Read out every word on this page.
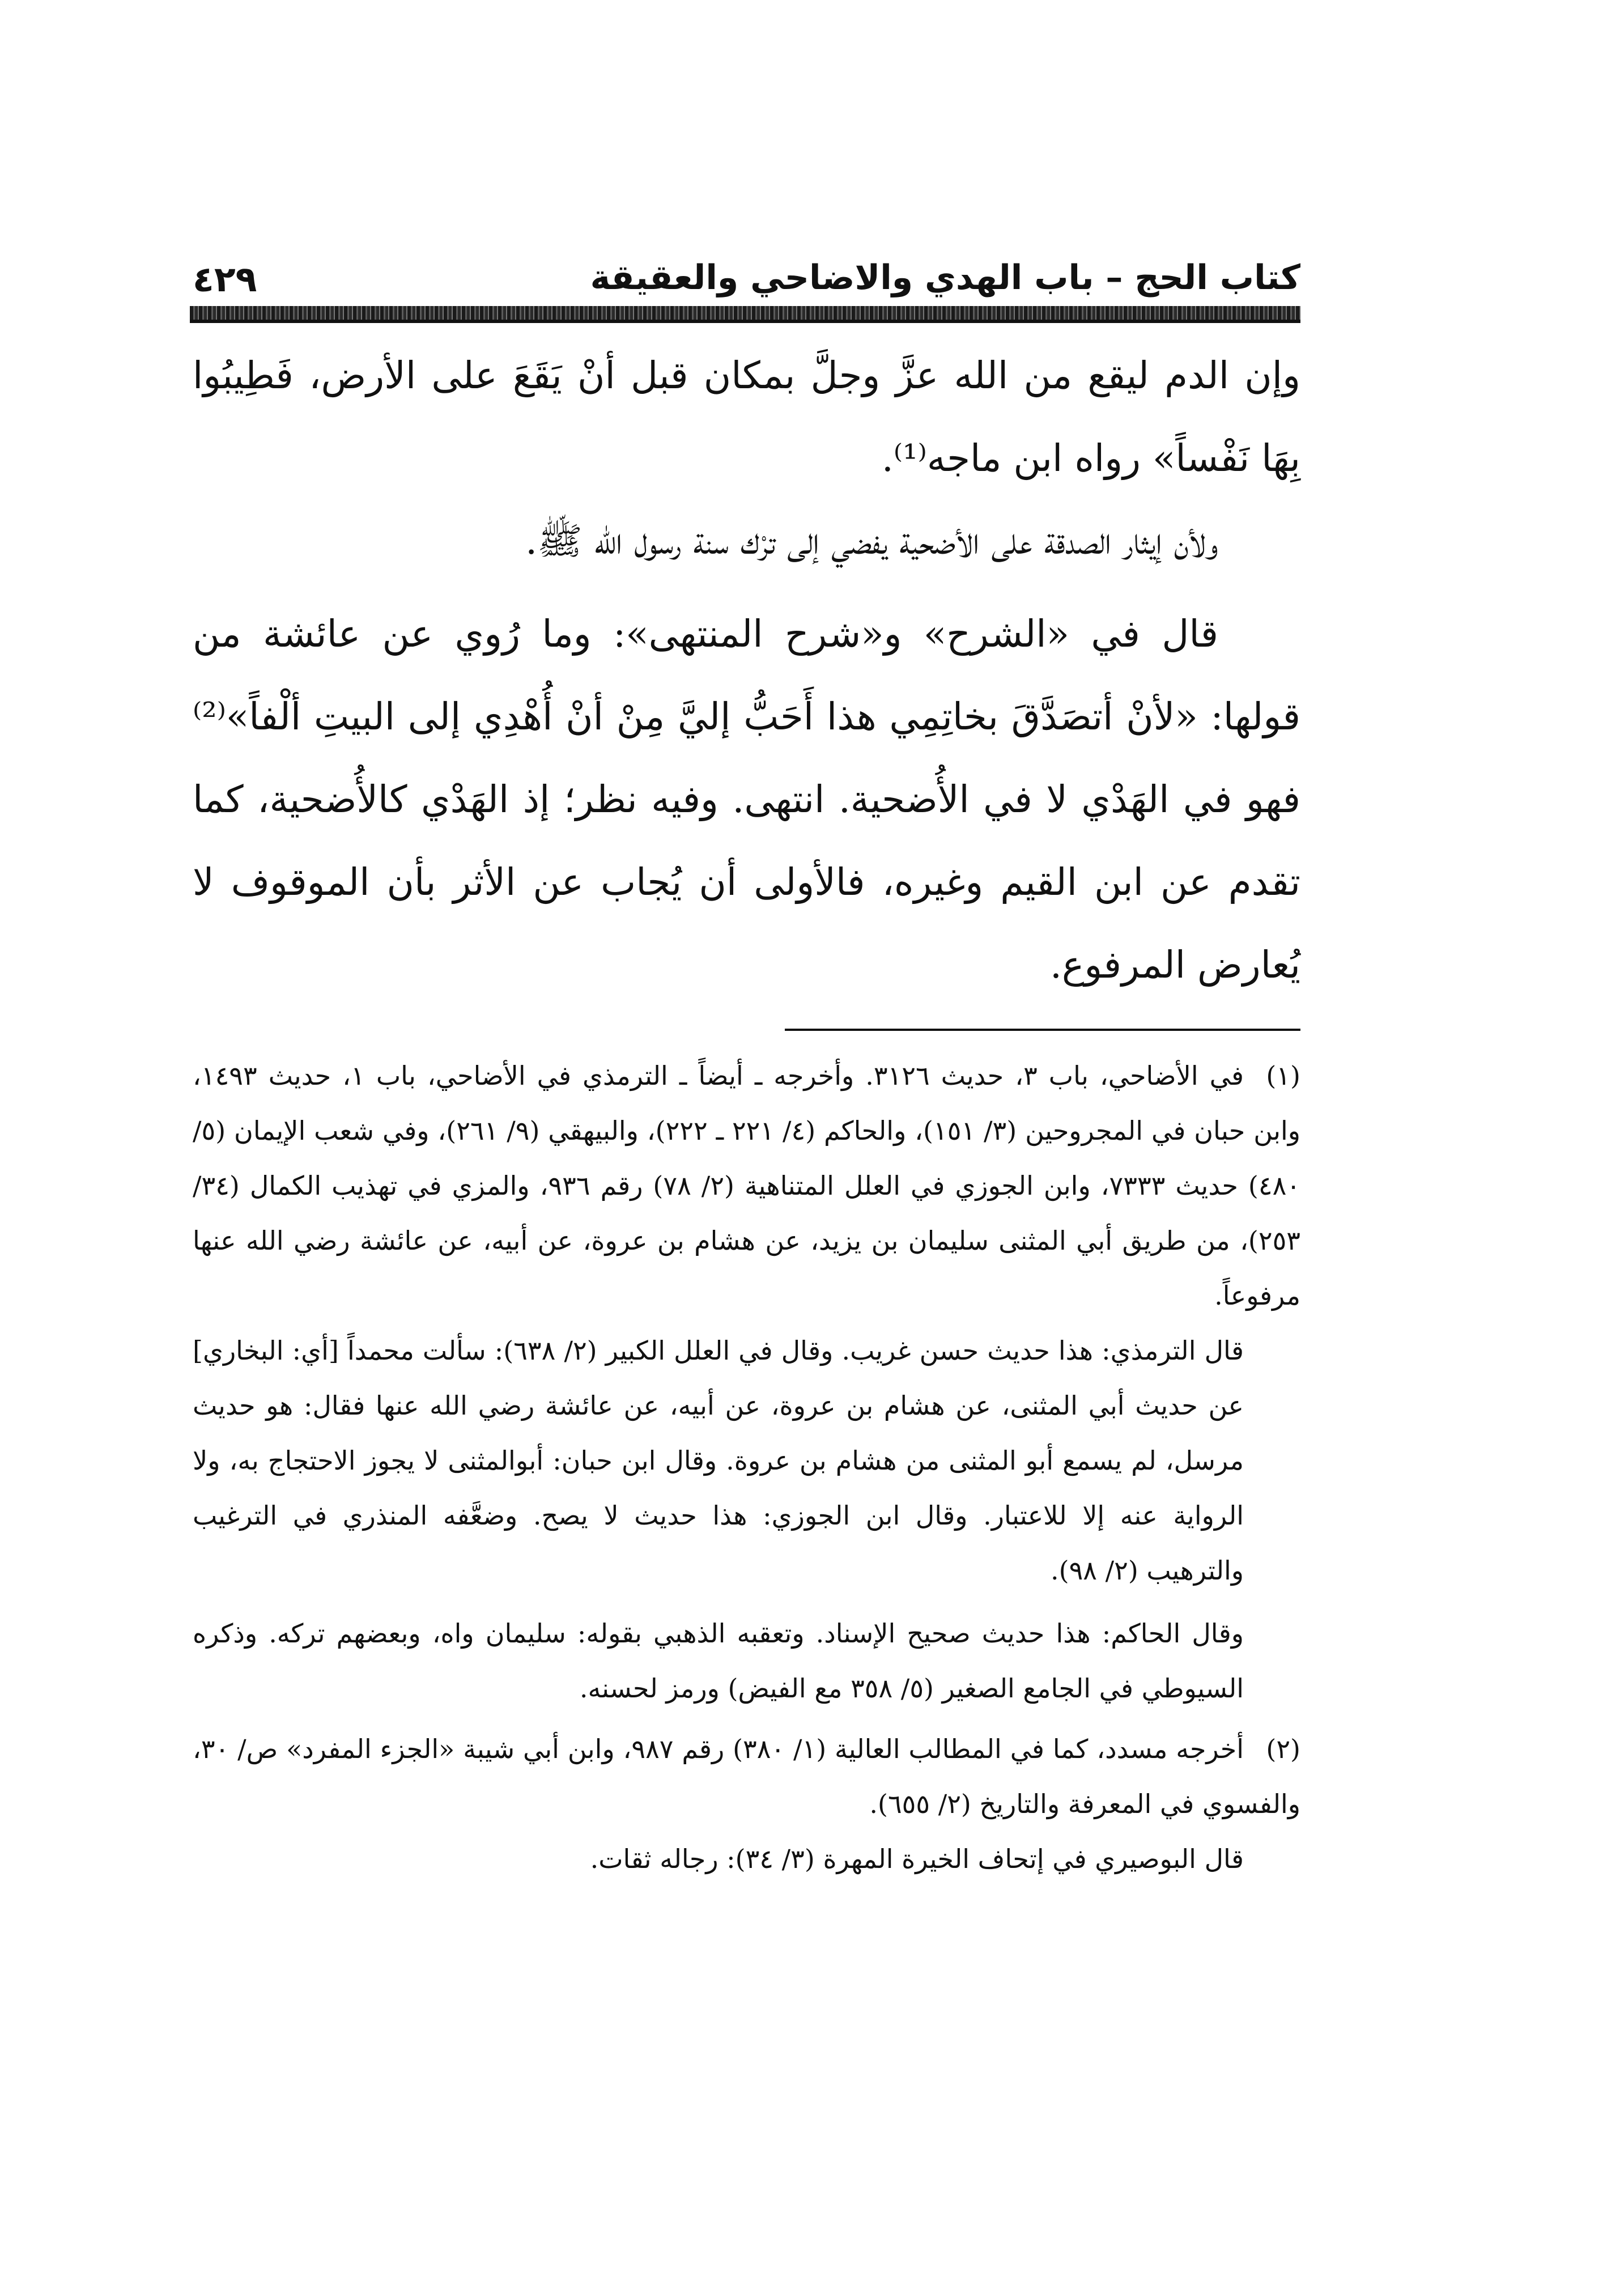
٤٢٩	كتاب الحج – باب الهدي والاضاحي والعقيقة

وإن الدم ليقع من الله عزَّ وجلَّ بمكان قبل أنْ يَقَعَ على الأرض، فَطِيبُوا بِهَا نَفْساً» رواه ابن ماجه⁽¹⁾.

ولأن إيثار الصدقة على الأضحية يفضي إلى ترْك سنة رسول الله ﷺ.

قال في «الشرح» و«شرح المنتهى»: وما رُوي عن عائشة من قولها: «لأنْ أتصَدَّقَ بخاتِمِي هذا أَحَبُّ إليَّ مِنْ أنْ أُهْدِي إلى البيتِ ألْفاً»⁽²⁾ فهو في الهَدْي لا في الأُضحية. انتهى. وفيه نظر؛ إذ الهَدْي كالأُضحية، كما تقدم عن ابن القيم وغيره، فالأولى أن يُجاب عن الأثر بأن الموقوف لا يُعارض المرفوع.

(١)في الأضاحي، باب ٣، حديث ٣١٢٦. وأخرجه ـ أيضاً ـ الترمذي في الأضاحي، باب ١، حديث ١٤٩٣، وابن حبان في المجروحين (٣/ ١٥١)، والحاكم (٤/ ٢٢١ ـ ٢٢٢)، والبيهقي (٩/ ٢٦١)، وفي شعب الإيمان (٥/ ٤٨٠) حديث ٧٣٣٣، وابن الجوزي في العلل المتناهية (٢/ ٧٨) رقم ٩٣٦، والمزي في تهذيب الكمال (٣٤/ ٢٥٣)، من طريق أبي المثنى سليمان بن يزيد، عن هشام بن عروة، عن أبيه، عن عائشة رضي الله عنها مرفوعاً.

قال الترمذي: هذا حديث حسن غريب. وقال في العلل الكبير (٢/ ٦٣٨): سألت محمداً [أي: البخاري] عن حديث أبي المثنى، عن هشام بن عروة، عن أبيه، عن عائشة رضي الله عنها فقال: هو حديث مرسل، لم يسمع أبو المثنى من هشام بن عروة. وقال ابن حبان: أبوالمثنى لا يجوز الاحتجاج به، ولا الرواية عنه إلا للاعتبار. وقال ابن الجوزي: هذا حديث لا يصح. وضعَّفه المنذري في الترغيب والترهيب (٢/ ٩٨).

وقال الحاكم: هذا حديث صحيح الإسناد. وتعقبه الذهبي بقوله: سليمان واه، وبعضهم تركه. وذكره السيوطي في الجامع الصغير (٥/ ٣٥٨ مع الفيض) ورمز لحسنه.

(٢)أخرجه مسدد، كما في المطالب العالية (١/ ٣٨٠) رقم ٩٨٧، وابن أبي شيبة «الجزء المفرد» ص/ ٣٠، والفسوي في المعرفة والتاريخ (٢/ ٦٥٥).

قال البوصيري في إتحاف الخيرة المهرة (٣/ ٣٤): رجاله ثقات.
